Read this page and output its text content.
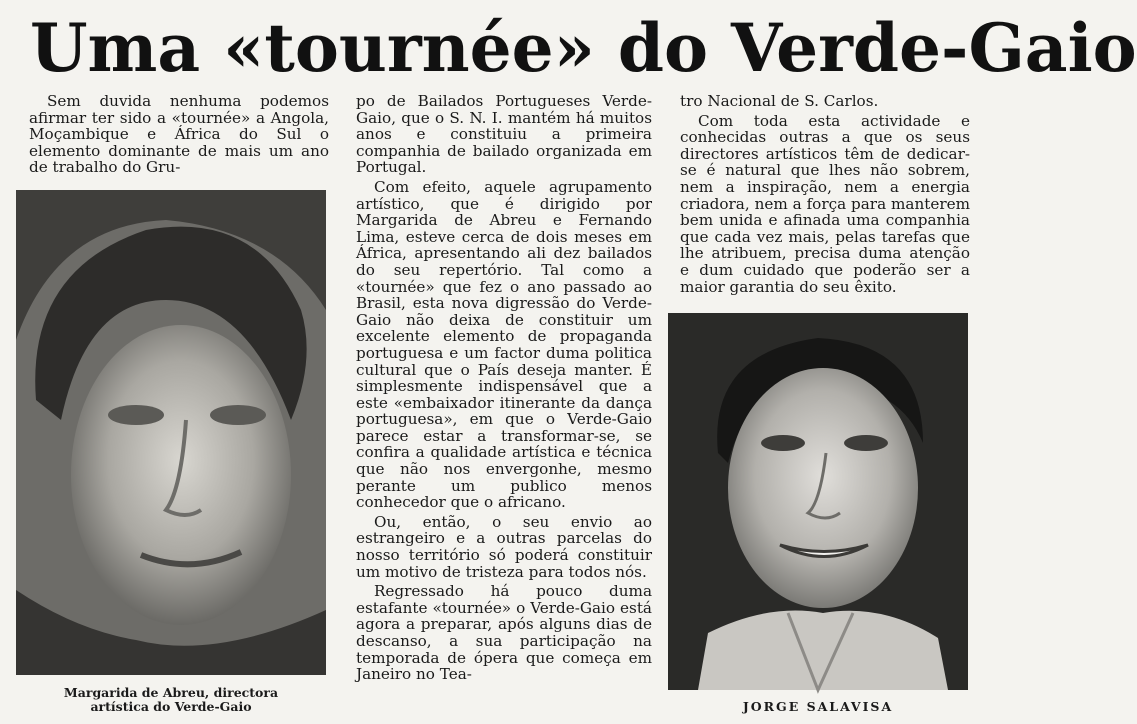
Uma «tournée» do Verde-Gaio

Sem duvida nenhuma podemos afirmar ter sido a «tournée» a Angola, Moçambique e África do Sul o elemento dominante de mais um ano de trabalho do Gru-

Margarida de Abreu, directora
artística do Verde-Gaio

po de Bailados Portugueses Verde-Gaio, que o S. N. I. mantém há muitos anos e constituiu a primeira companhia de bailado organizada em Portugal.

Com efeito, aquele agrupamento artístico, que é dirigido por Margarida de Abreu e Fernando Lima, esteve cerca de dois meses em África, apresentando ali dez bailados do seu repertório. Tal como a «tournée» que fez o ano passado ao Brasil, esta nova digressão do Verde-Gaio não deixa de constituir um excelente elemento de propaganda portuguesa e um factor duma politica cultural que o País deseja manter. É simplesmente indispensável que a este «embaixador itinerante da dança portuguesa», em que o Verde-Gaio parece estar a transformar-se, se confira a qualidade artística e técnica que não nos envergonhe, mesmo perante um publico menos conhecedor que o africano.

Ou, então, o seu envio ao estrangeiro e a outras parcelas do nosso território só poderá constituir um motivo de tristeza para todos nós.

Regressado há pouco duma estafante «tournée» o Verde-Gaio está agora a preparar, após alguns dias de descanso, a sua participação na temporada de ópera que começa em Janeiro no Tea-

tro Nacional de S. Carlos.

Com toda esta actividade e conhecidas outras a que os seus directores artísticos têm de dedicar-se é natural que lhes não sobrem, nem a inspiração, nem a energia criadora, nem a força para manterem bem unida e afinada uma companhia que cada vez mais, pelas tarefas que lhe atribuem, precisa duma atenção e dum cuidado que poderão ser a maior garantia do seu êxito.

JORGE SALAVISA
